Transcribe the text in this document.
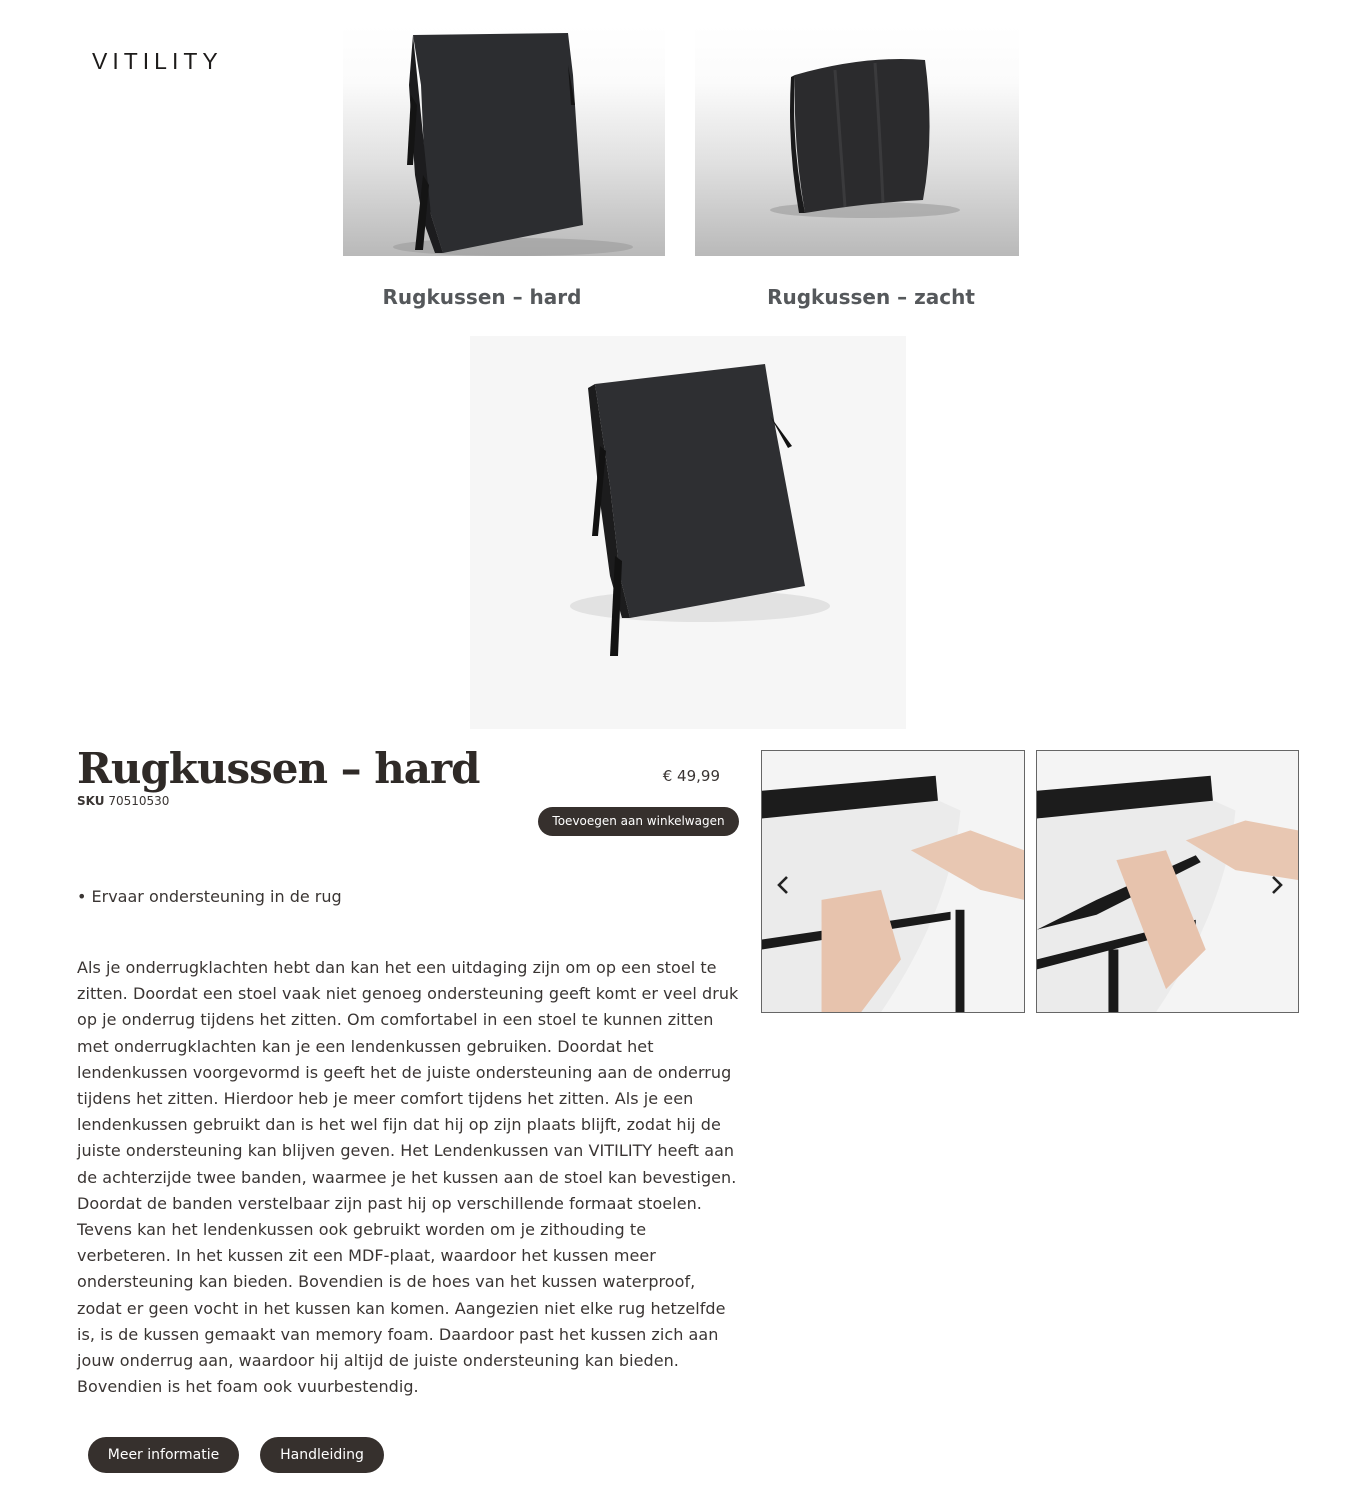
VITILITY
Rugkussen – hard	Rugkussen – zacht
Rugkussen – hard
SKU 70510530
€ 49,99
Toevoegen aan winkelwagen
• Ervaar ondersteuning in de rug
Als je onderrugklachten hebt dan kan het een uitdaging zijn om op een stoel te zitten. Doordat een stoel vaak niet genoeg ondersteuning geeft komt er veel druk op je onderrug tijdens het zitten. Om comfortabel in een stoel te kunnen zitten met onderrugklachten kan je een lendenkussen gebruiken. Doordat het lendenkussen voorgevormd is geeft het de juiste ondersteuning aan de onderrug tijdens het zitten. Hierdoor heb je meer comfort tijdens het zitten. Als je een lendenkussen gebruikt dan is het wel fijn dat hij op zijn plaats blijft, zodat hij de juiste ondersteuning kan blijven geven. Het Lendenkussen van VITILITY heeft aan de achterzijde twee banden, waarmee je het kussen aan de stoel kan bevestigen. Doordat de banden verstelbaar zijn past hij op verschillende formaat stoelen. Tevens kan het lendenkussen ook gebruikt worden om je zithouding te verbeteren. In het kussen zit een MDF-plaat, waardoor het kussen meer ondersteuning kan bieden. Bovendien is de hoes van het kussen waterproof, zodat er geen vocht in het kussen kan komen. Aangezien niet elke rug hetzelfde is, is de kussen gemaakt van memory foam. Daardoor past het kussen zich aan jouw onderrug aan, waardoor hij altijd de juiste ondersteuning kan bieden. Bovendien is het foam ook vuurbestendig.
Meer informatie	Handleiding
